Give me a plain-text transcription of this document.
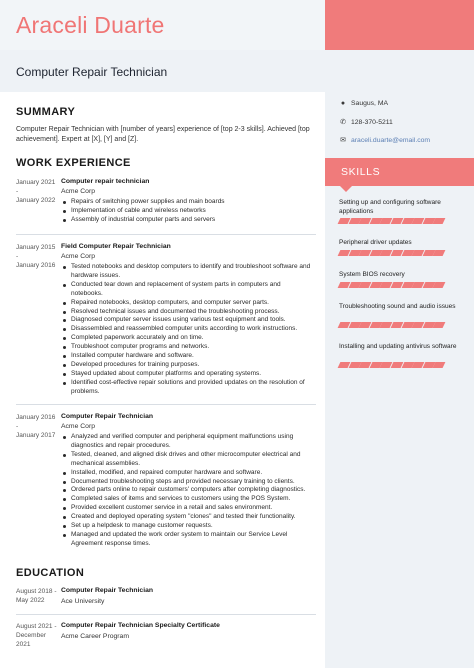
Araceli Duarte
Computer Repair Technician
● Saugus, MA
✆ 128-370-5211
✉ araceli.duarte@email.com
SKILLS
Setting up and configuring software applications
Peripheral driver updates
System BIOS recovery
Troubleshooting sound and audio issues
Installing and updating antivirus software
SUMMARY
Computer Repair Technician with [number of years] experience of [top 2-3 skills]. Achieved [top achievement]. Expert at [X], [Y] and [Z].
WORK EXPERIENCE
January 2021
-
January 2022
Computer repair technician
Acme Corp
Repairs of switching power supplies and main boards
Implementation of cable and wireless networks
Assembly of industrial computer parts and servers
January 2015
-
January 2016
Field Computer Repair Technician
Acme Corp
Tested notebooks and desktop computers to identify and troubleshoot software and hardware issues.
Conducted tear down and replacement of system parts in computers and notebooks.
Repaired notebooks, desktop computers, and computer server parts.
Resolved technical issues and documented the troubleshooting process.
Diagnosed computer server issues using various test equipment and tools.
Disassembled and reassembled computer units according to work instructions.
Completed paperwork accurately and on time.
Troubleshoot computer programs and networks.
Installed computer hardware and software.
Developed procedures for training purposes.
Stayed updated about computer platforms and operating systems.
Identified cost-effective repair solutions and provided updates on the resolution of problems.
January 2016
-
January 2017
Computer Repair Technician
Acme Corp
Analyzed and verified computer and peripheral equipment malfunctions using diagnostics and repair procedures.
Tested, cleaned, and aligned disk drives and other microcomputer electrical and mechanical assemblies.
Installed, modified, and repaired computer hardware and software.
Documented troubleshooting steps and provided necessary training to clients.
Ordered parts online to repair customers' computers after completing diagnostics.
Completed sales of items and services to customers using the POS System.
Provided excellent customer service in a retail and sales environment.
Created and deployed operating system "clones" and tested their functionality.
Set up a helpdesk to manage customer requests.
Managed and updated the work order system to maintain our Service Level Agreement response times.
EDUCATION
August 2018 -
May 2022
Computer Repair Technician
Ace University
August 2021 -
December 2021
Computer Repair Technician Specialty Certificate
Acme Career Program
